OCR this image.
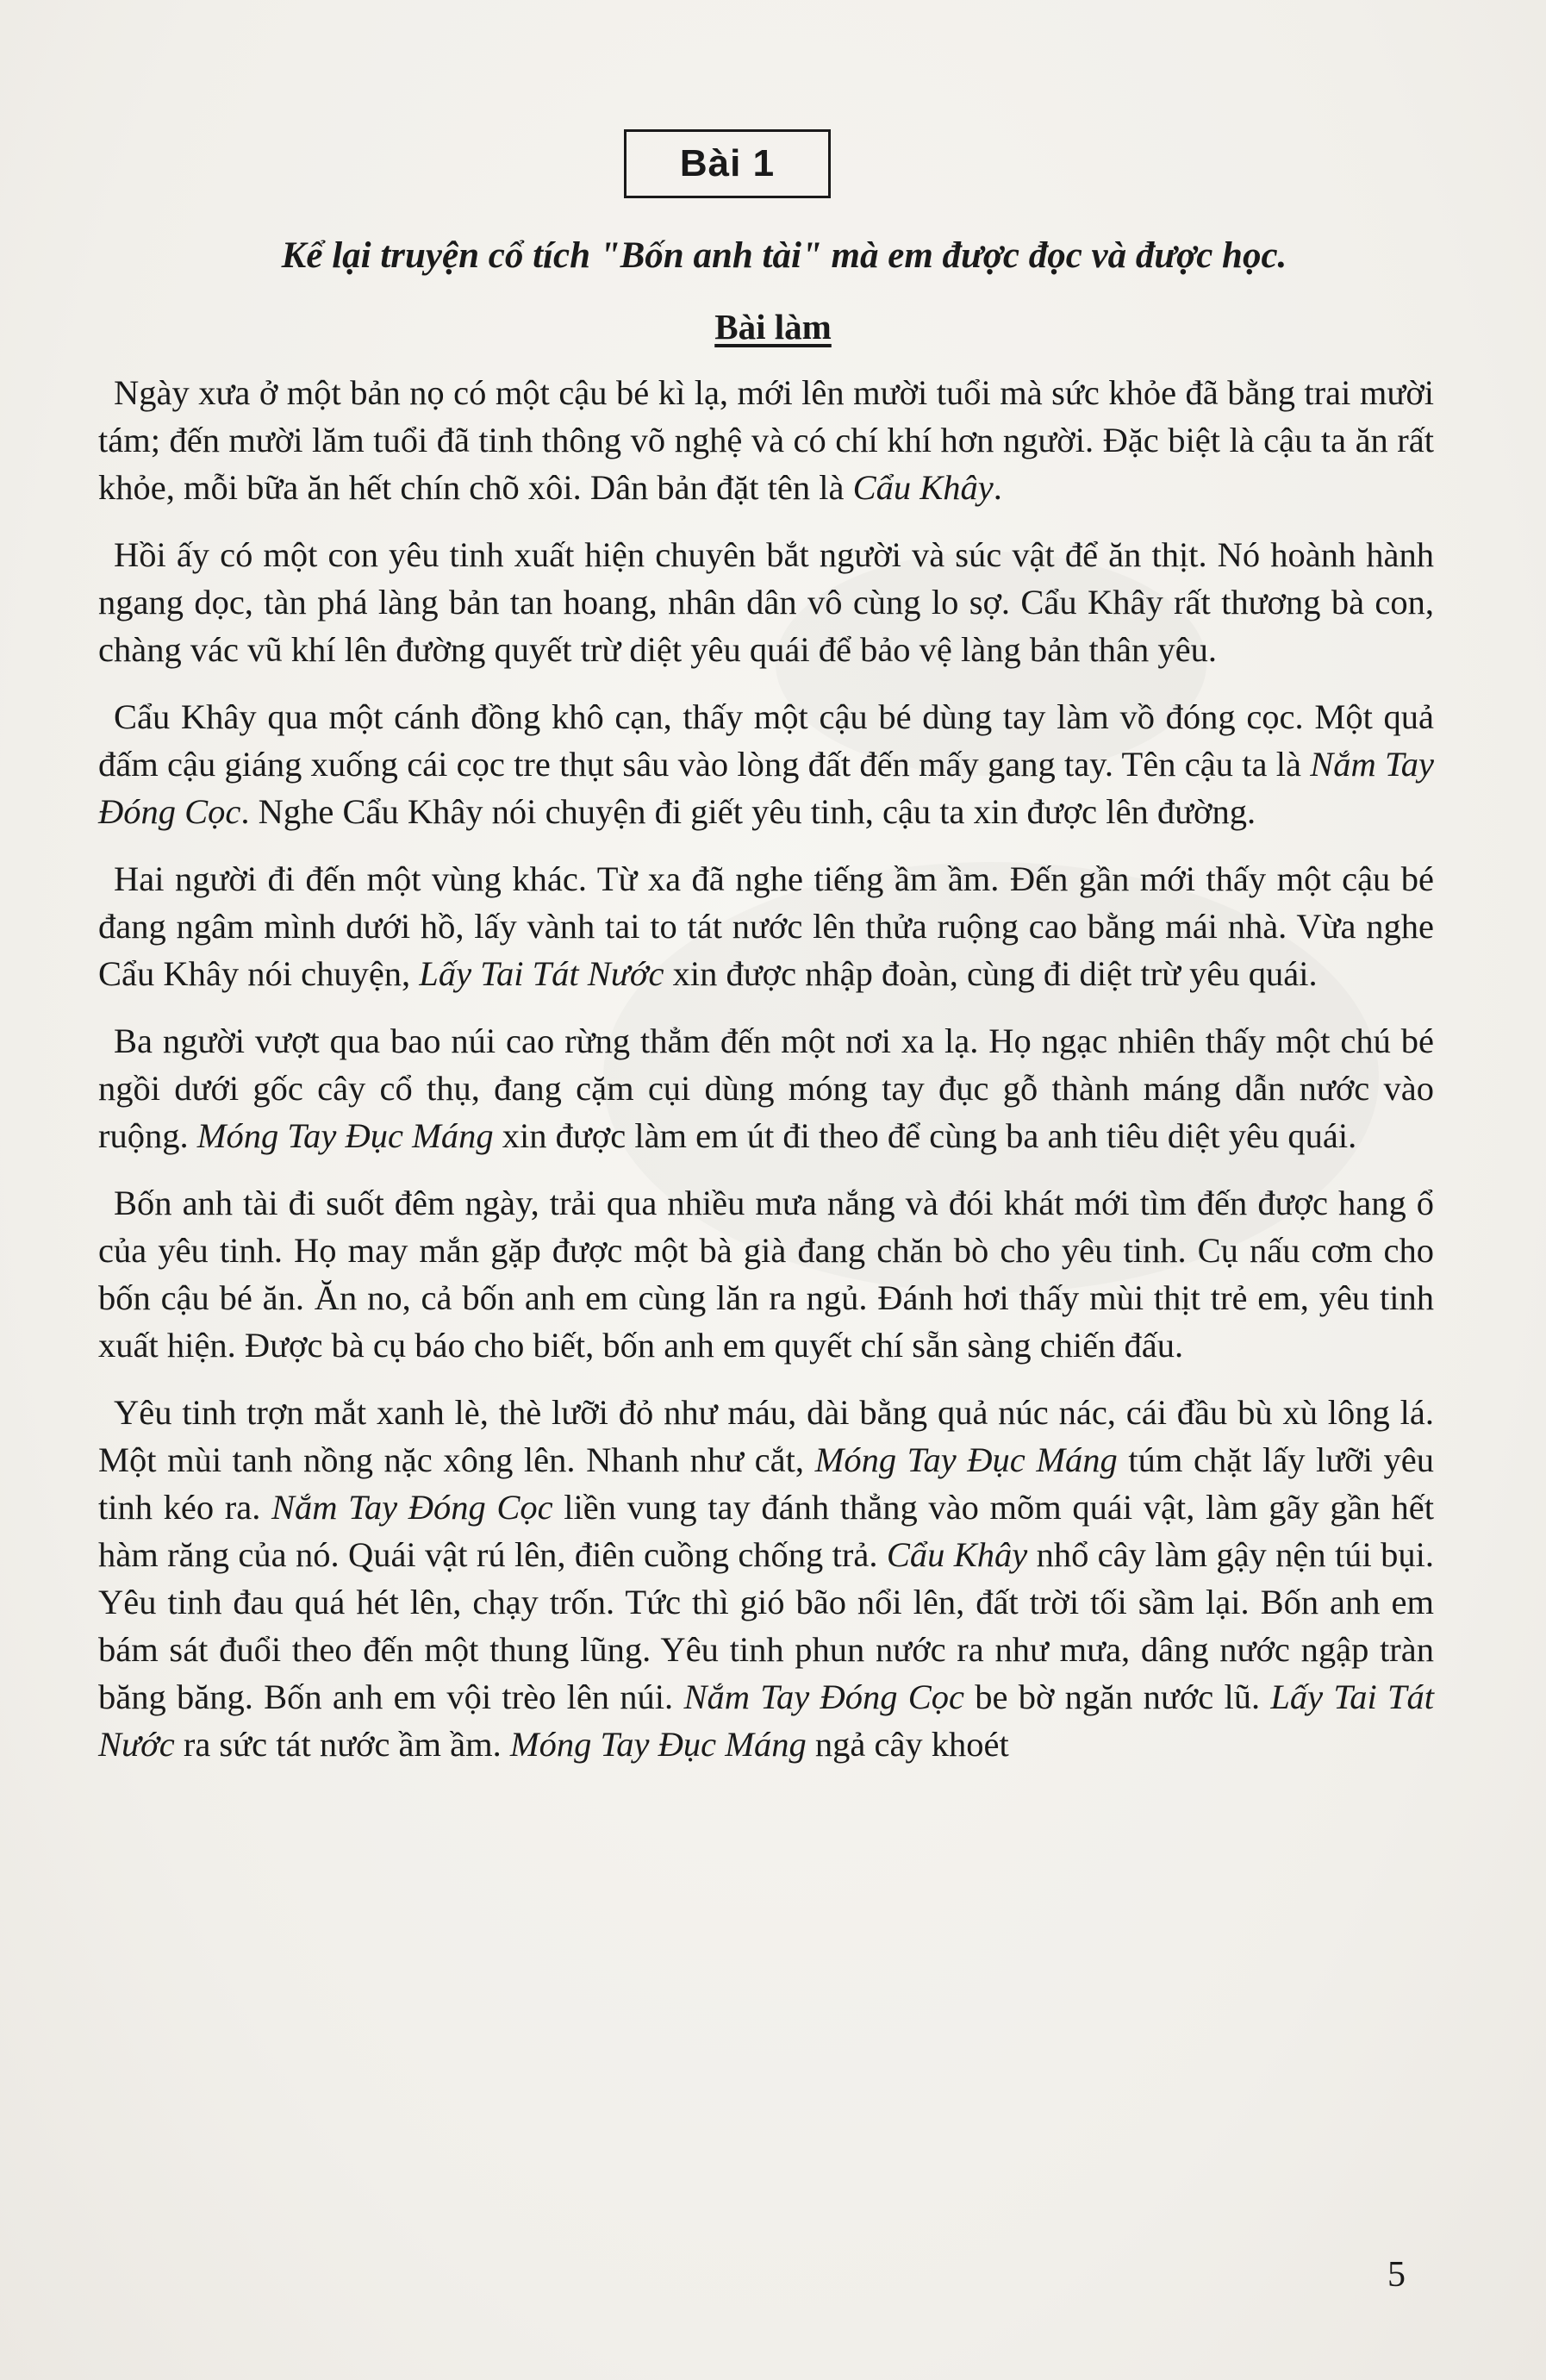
Bài 1
Kể lại truyện cổ tích "Bốn anh tài" mà em được đọc và được học.
Bài làm

Ngày xưa ở một bản nọ có một cậu bé kì lạ, mới lên mười tuổi mà sức khỏe đã bằng trai mười tám; đến mười lăm tuổi đã tinh thông võ nghệ và có chí khí hơn người. Đặc biệt là cậu ta ăn rất khỏe, mỗi bữa ăn hết chín chõ xôi. Dân bản đặt tên là Cẩu Khây.

Hồi ấy có một con yêu tinh xuất hiện chuyên bắt người và súc vật để ăn thịt. Nó hoành hành ngang dọc, tàn phá làng bản tan hoang, nhân dân vô cùng lo sợ. Cẩu Khây rất thương bà con, chàng vác vũ khí lên đường quyết trừ diệt yêu quái để bảo vệ làng bản thân yêu.

Cẩu Khây qua một cánh đồng khô cạn, thấy một cậu bé dùng tay làm vồ đóng cọc. Một quả đấm cậu giáng xuống cái cọc tre thụt sâu vào lòng đất đến mấy gang tay. Tên cậu ta là Nắm Tay Đóng Cọc. Nghe Cẩu Khây nói chuyện đi giết yêu tinh, cậu ta xin được lên đường.

Hai người đi đến một vùng khác. Từ xa đã nghe tiếng ầm ầm. Đến gần mới thấy một cậu bé đang ngâm mình dưới hồ, lấy vành tai to tát nước lên thửa ruộng cao bằng mái nhà. Vừa nghe Cẩu Khây nói chuyện, Lấy Tai Tát Nước xin được nhập đoàn, cùng đi diệt trừ yêu quái.

Ba người vượt qua bao núi cao rừng thẳm đến một nơi xa lạ. Họ ngạc nhiên thấy một chú bé ngồi dưới gốc cây cổ thụ, đang cặm cụi dùng móng tay đục gỗ thành máng dẫn nước vào ruộng. Móng Tay Đục Máng xin được làm em út đi theo để cùng ba anh tiêu diệt yêu quái.

Bốn anh tài đi suốt đêm ngày, trải qua nhiều mưa nắng và đói khát mới tìm đến được hang ổ của yêu tinh. Họ may mắn gặp được một bà già đang chăn bò cho yêu tinh. Cụ nấu cơm cho bốn cậu bé ăn. Ăn no, cả bốn anh em cùng lăn ra ngủ. Đánh hơi thấy mùi thịt trẻ em, yêu tinh xuất hiện. Được bà cụ báo cho biết, bốn anh em quyết chí sẵn sàng chiến đấu.

Yêu tinh trợn mắt xanh lè, thè lưỡi đỏ như máu, dài bằng quả núc nác, cái đầu bù xù lông lá. Một mùi tanh nồng nặc xông lên. Nhanh như cắt, Móng Tay Đục Máng túm chặt lấy lưỡi yêu tinh kéo ra. Nắm Tay Đóng Cọc liền vung tay đánh thẳng vào mõm quái vật, làm gãy gần hết hàm răng của nó. Quái vật rú lên, điên cuồng chống trả. Cẩu Khây nhổ cây làm gậy nện túi bụi. Yêu tinh đau quá hét lên, chạy trốn. Tức thì gió bão nổi lên, đất trời tối sầm lại. Bốn anh em bám sát đuổi theo đến một thung lũng. Yêu tinh phun nước ra như mưa, dâng nước ngập tràn băng băng. Bốn anh em vội trèo lên núi. Nắm Tay Đóng Cọc be bờ ngăn nước lũ. Lấy Tai Tát Nước ra sức tát nước ầm ầm. Móng Tay Đục Máng ngả cây khoét

5
